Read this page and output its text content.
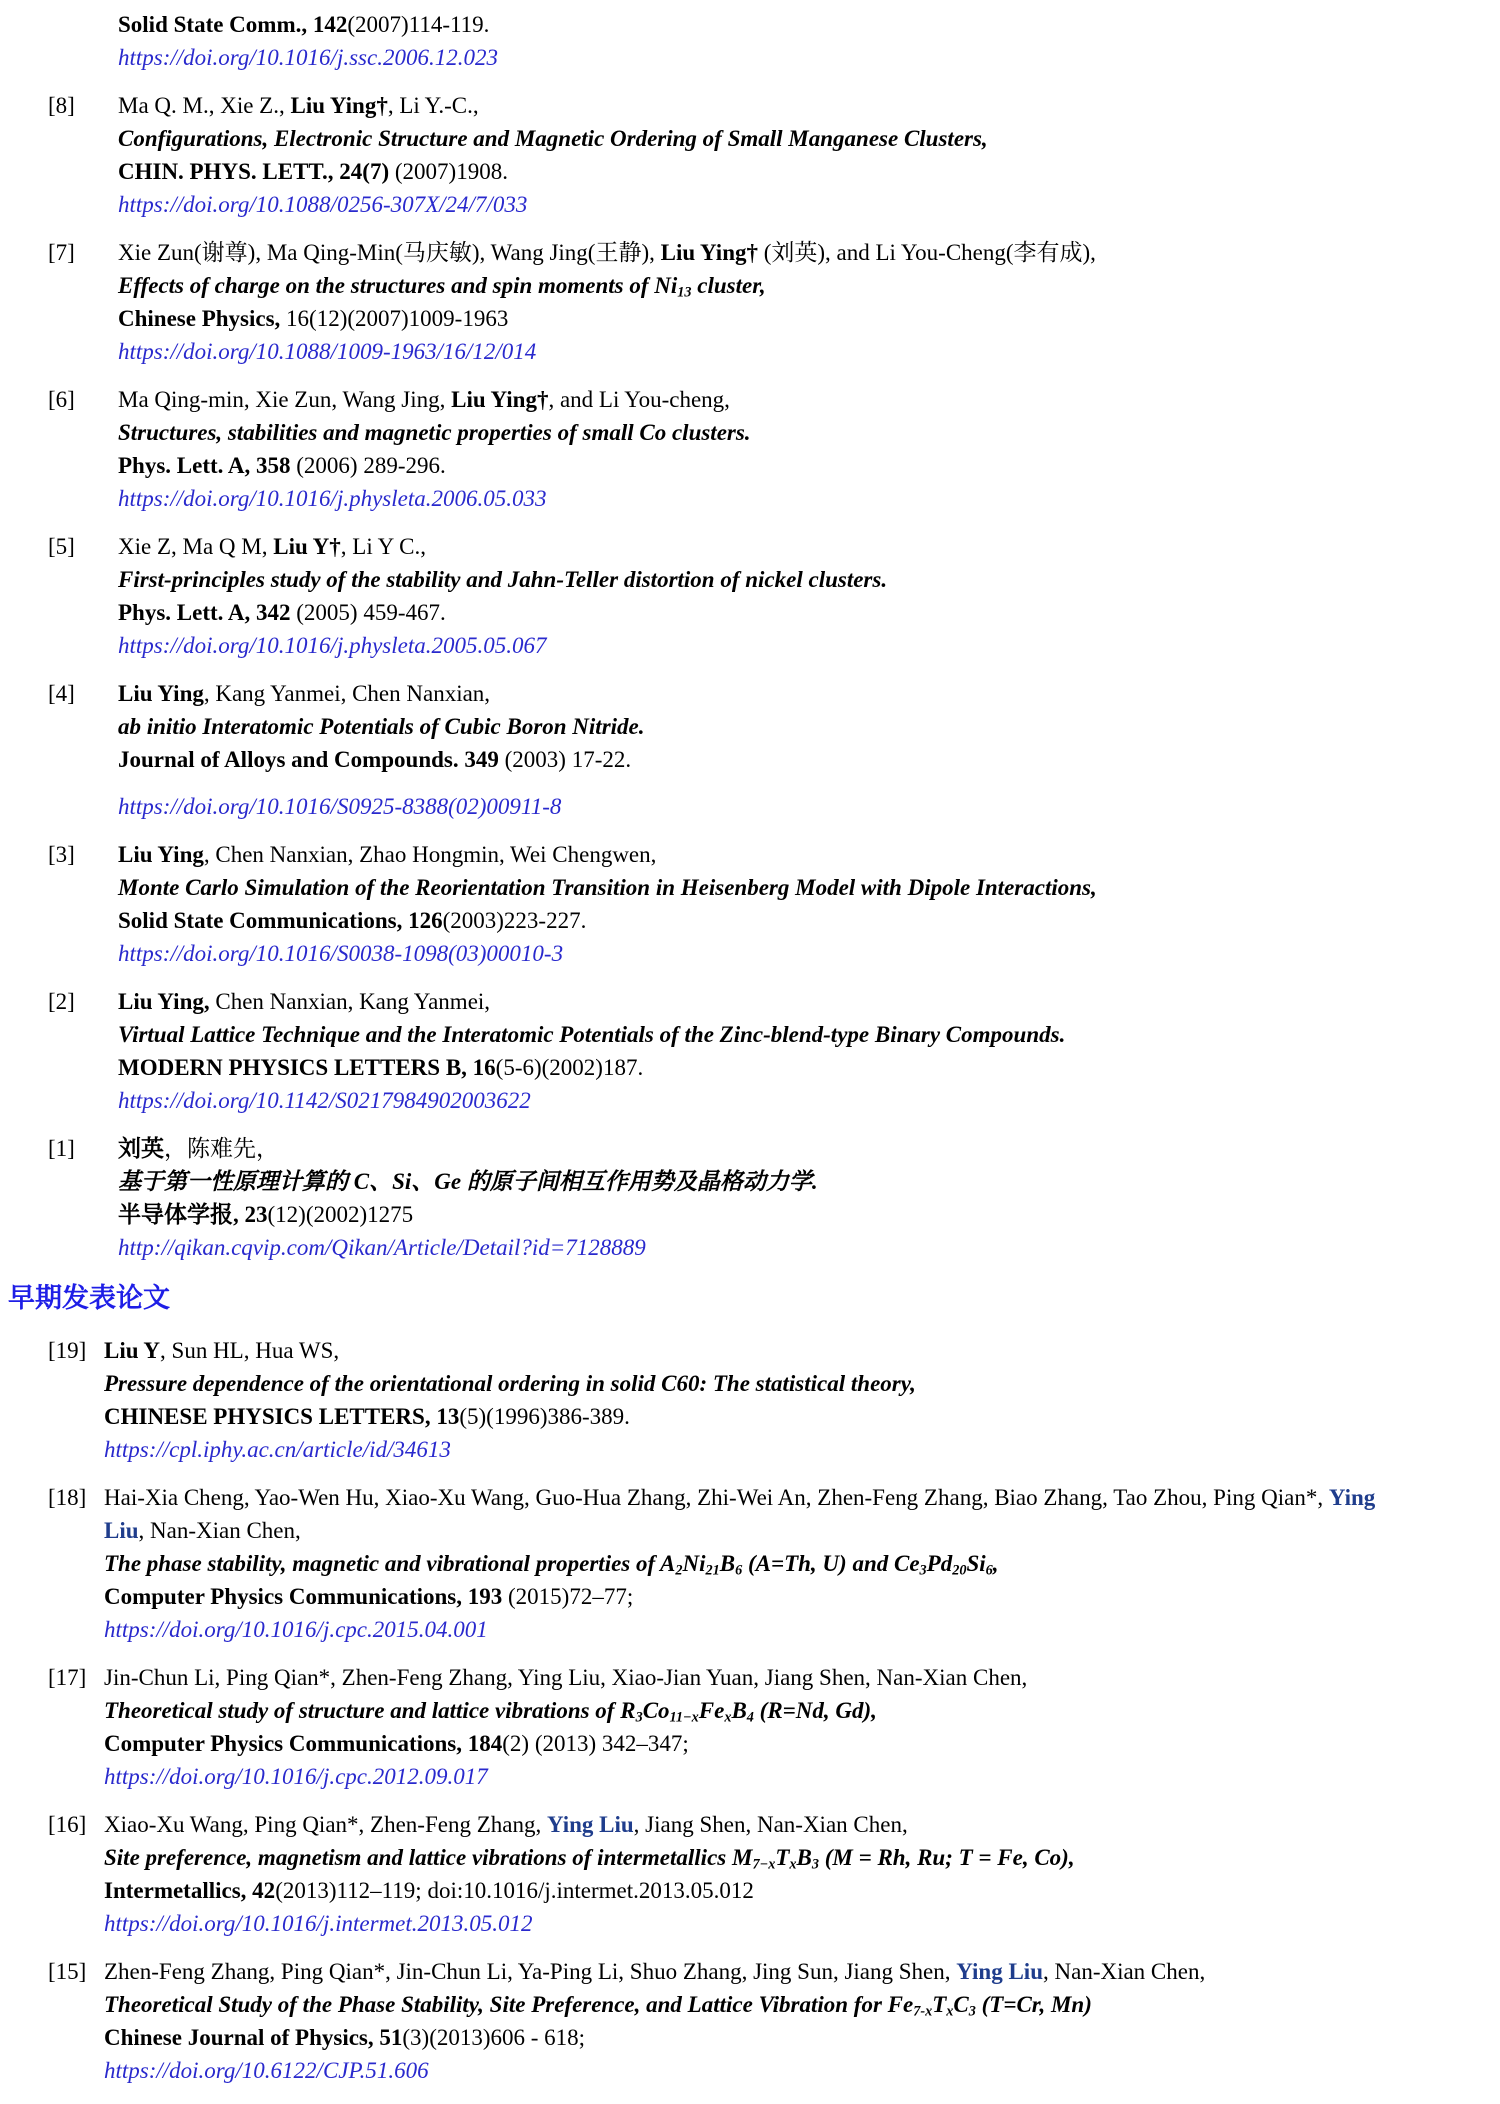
Solid State Comm., 142(2007)114-119.
https://doi.org/10.1016/j.ssc.2006.12.023
[8]	Ma Q. M., Xie Z., Liu Ying†, Li Y.-C.,
Configurations, Electronic Structure and Magnetic Ordering of Small Manganese Clusters,
CHIN. PHYS. LETT., 24(7) (2007)1908.
https://doi.org/10.1088/0256-307X/24/7/033
[7]	Xie Zun(谢尊), Ma Qing-Min(马庆敏), Wang Jing(王静), Liu Ying† (刘英), and Li You-Cheng(李有成),
Effects of charge on the structures and spin moments of $Ni_{13}$ cluster,
Chinese Physics, 16(12)(2007)1009-1963
https://doi.org/10.1088/1009-1963/16/12/014
[6]	Ma Qing-min, Xie Zun, Wang Jing, Liu Ying†, and Li You-cheng,
Structures, stabilities and magnetic properties of small Co clusters.
Phys. Lett. A, 358 (2006) 289-296.
https://doi.org/10.1016/j.physleta.2006.05.033
[5]	Xie Z, Ma Q M, Liu Y†, Li Y C.,
First-principles study of the stability and Jahn-Teller distortion of nickel clusters.
Phys. Lett. A, 342 (2005) 459-467.
https://doi.org/10.1016/j.physleta.2005.05.067
[4]	Liu Ying, Kang Yanmei, Chen Nanxian,
ab initio Interatomic Potentials of Cubic Boron Nitride.
Journal of Alloys and Compounds. 349 (2003) 17-22.
https://doi.org/10.1016/S0925-8388(02)00911-8
[3]	Liu Ying, Chen Nanxian, Zhao Hongmin, Wei Chengwen,
Monte Carlo Simulation of the Reorientation Transition in Heisenberg Model with Dipole Interactions,
Solid State Communications, 126(2003)223-227.
https://doi.org/10.1016/S0038-1098(03)00010-3
[2]	Liu Ying, Chen Nanxian, Kang Yanmei,
Virtual Lattice Technique and the Interatomic Potentials of the Zinc-blend-type Binary Compounds.
MODERN PHYSICS LETTERS B, 16(5-6)(2002)187.
https://doi.org/10.1142/S0217984902003622
[1]	刘英，陈难先，
基于第一性原理计算的 C、Si、Ge 的原子间相互作用势及晶格动力学.
半导体学报, 23(12)(2002)1275
http://qikan.cqvip.com/Qikan/Article/Detail?id=7128889
早期发表论文
[19] Liu Y, Sun HL, Hua WS,
Pressure dependence of the orientational ordering in solid C60: The statistical theory,
CHINESE PHYSICS LETTERS, 13(5)(1996)386-389.
https://cpl.iphy.ac.cn/article/id/34613
[18] Hai-Xia Cheng, Yao-Wen Hu, Xiao-Xu Wang, Guo-Hua Zhang, Zhi-Wei An, Zhen-Feng Zhang, Biao Zhang, Tao Zhou, Ping Qian*, Ying
Liu, Nan-Xian Chen,
The phase stability, magnetic and vibrational properties of $A_2Ni_{21}B_6$ (A=Th, U) and $Ce_3Pd_{20}Si_6$,
Computer Physics Communications, 193 (2015)72–77;
https://doi.org/10.1016/j.cpc.2015.04.001
[17] Jin-Chun Li, Ping Qian*, Zhen-Feng Zhang, Ying Liu, Xiao-Jian Yuan, Jiang Shen, Nan-Xian Chen,
Theoretical study of structure and lattice vibrations of $R_3Co_{11-x}Fe_xB_4$ (R=Nd, Gd),
Computer Physics Communications, 184(2) (2013) 342–347;
https://doi.org/10.1016/j.cpc.2012.09.017
[16] Xiao-Xu Wang, Ping Qian*, Zhen-Feng Zhang, Ying Liu, Jiang Shen, Nan-Xian Chen,
Site preference, magnetism and lattice vibrations of intermetallics $M_{7-x}T_xB_3$ (M = Rh, Ru; T = Fe, Co),
Intermetallics, 42(2013)112–119; doi:10.1016/j.intermet.2013.05.012
https://doi.org/10.1016/j.intermet.2013.05.012
[15] Zhen-Feng Zhang, Ping Qian*, Jin-Chun Li, Ya-Ping Li, Shuo Zhang, Jing Sun, Jiang Shen, Ying Liu, Nan-Xian Chen,
Theoretical Study of the Phase Stability, Site Preference, and Lattice Vibration for $Fe_{7-x}T_xC_3$ (T=Cr, Mn)
Chinese Journal of Physics, 51(3)(2013)606 - 618;
https://doi.org/10.6122/CJP.51.606
